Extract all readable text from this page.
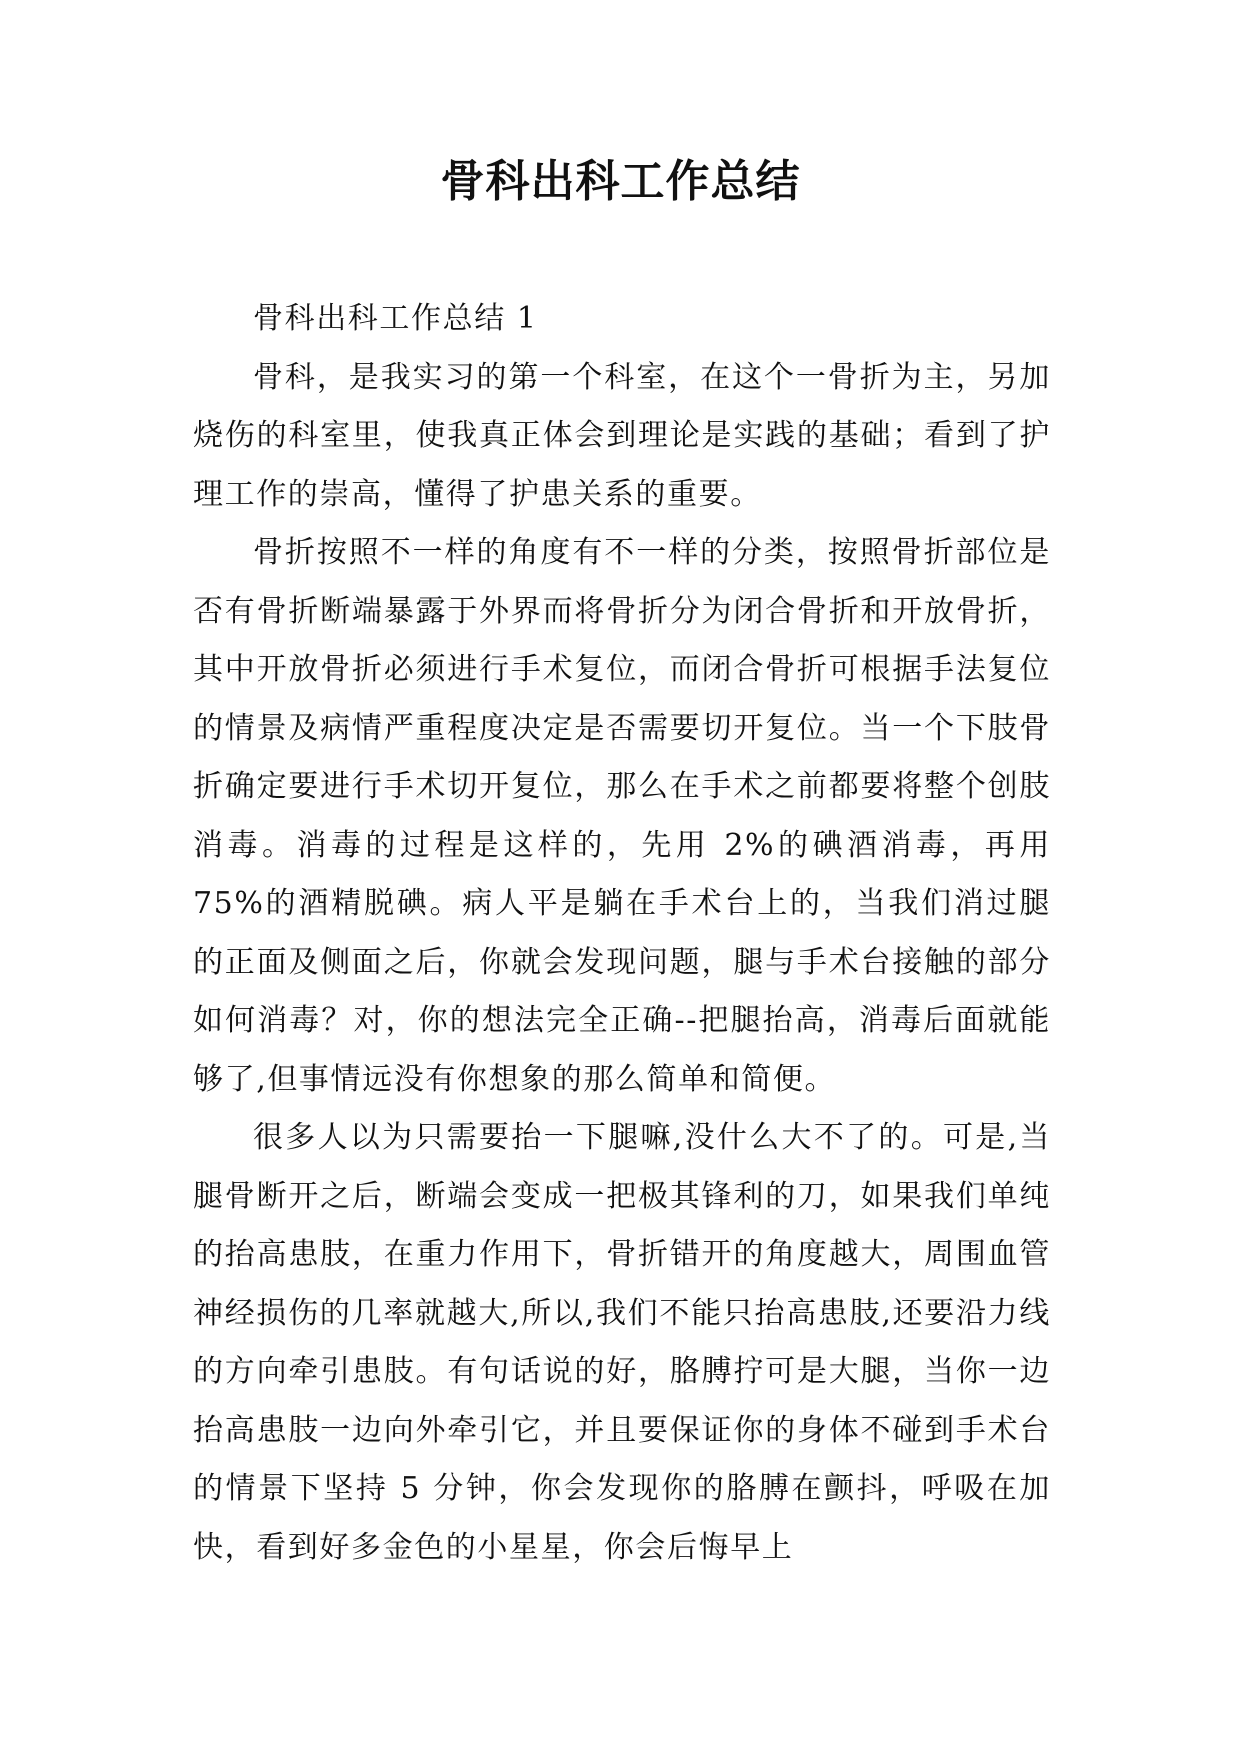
骨科出科工作总结

骨科出科工作总结 1

骨科，是我实习的第一个科室，在这个一骨折为主，另加烧伤的科室里，使我真正体会到理论是实践的基础；看到了护理工作的崇高，懂得了护患关系的重要。

骨折按照不一样的角度有不一样的分类，按照骨折部位是否有骨折断端暴露于外界而将骨折分为闭合骨折和开放骨折，其中开放骨折必须进行手术复位，而闭合骨折可根据手法复位的情景及病情严重程度决定是否需要切开复位。当一个下肢骨折确定要进行手术切开复位，那么在手术之前都要将整个创肢消毒。消毒的过程是这样的，先用 2%的碘酒消毒，再用 75%的酒精脱碘。病人平是躺在手术台上的，当我们消过腿的正面及侧面之后，你就会发现问题，腿与手术台接触的部分如何消毒？对，你的想法完全正确--把腿抬高，消毒后面就能够了,但事情远没有你想象的那么简单和简便。

很多人以为只需要抬一下腿嘛,没什么大不了的。可是,当腿骨断开之后，断端会变成一把极其锋利的刀，如果我们单纯的抬高患肢，在重力作用下，骨折错开的角度越大，周围血管神经损伤的几率就越大,所以,我们不能只抬高患肢,还要沿力线的方向牵引患肢。有句话说的好，胳膊拧可是大腿，当你一边抬高患肢一边向外牵引它，并且要保证你的身体不碰到手术台的情景下坚持 5 分钟，你会发现你的胳膊在颤抖，呼吸在加快，看到好多金色的小星星，你会后悔早上
